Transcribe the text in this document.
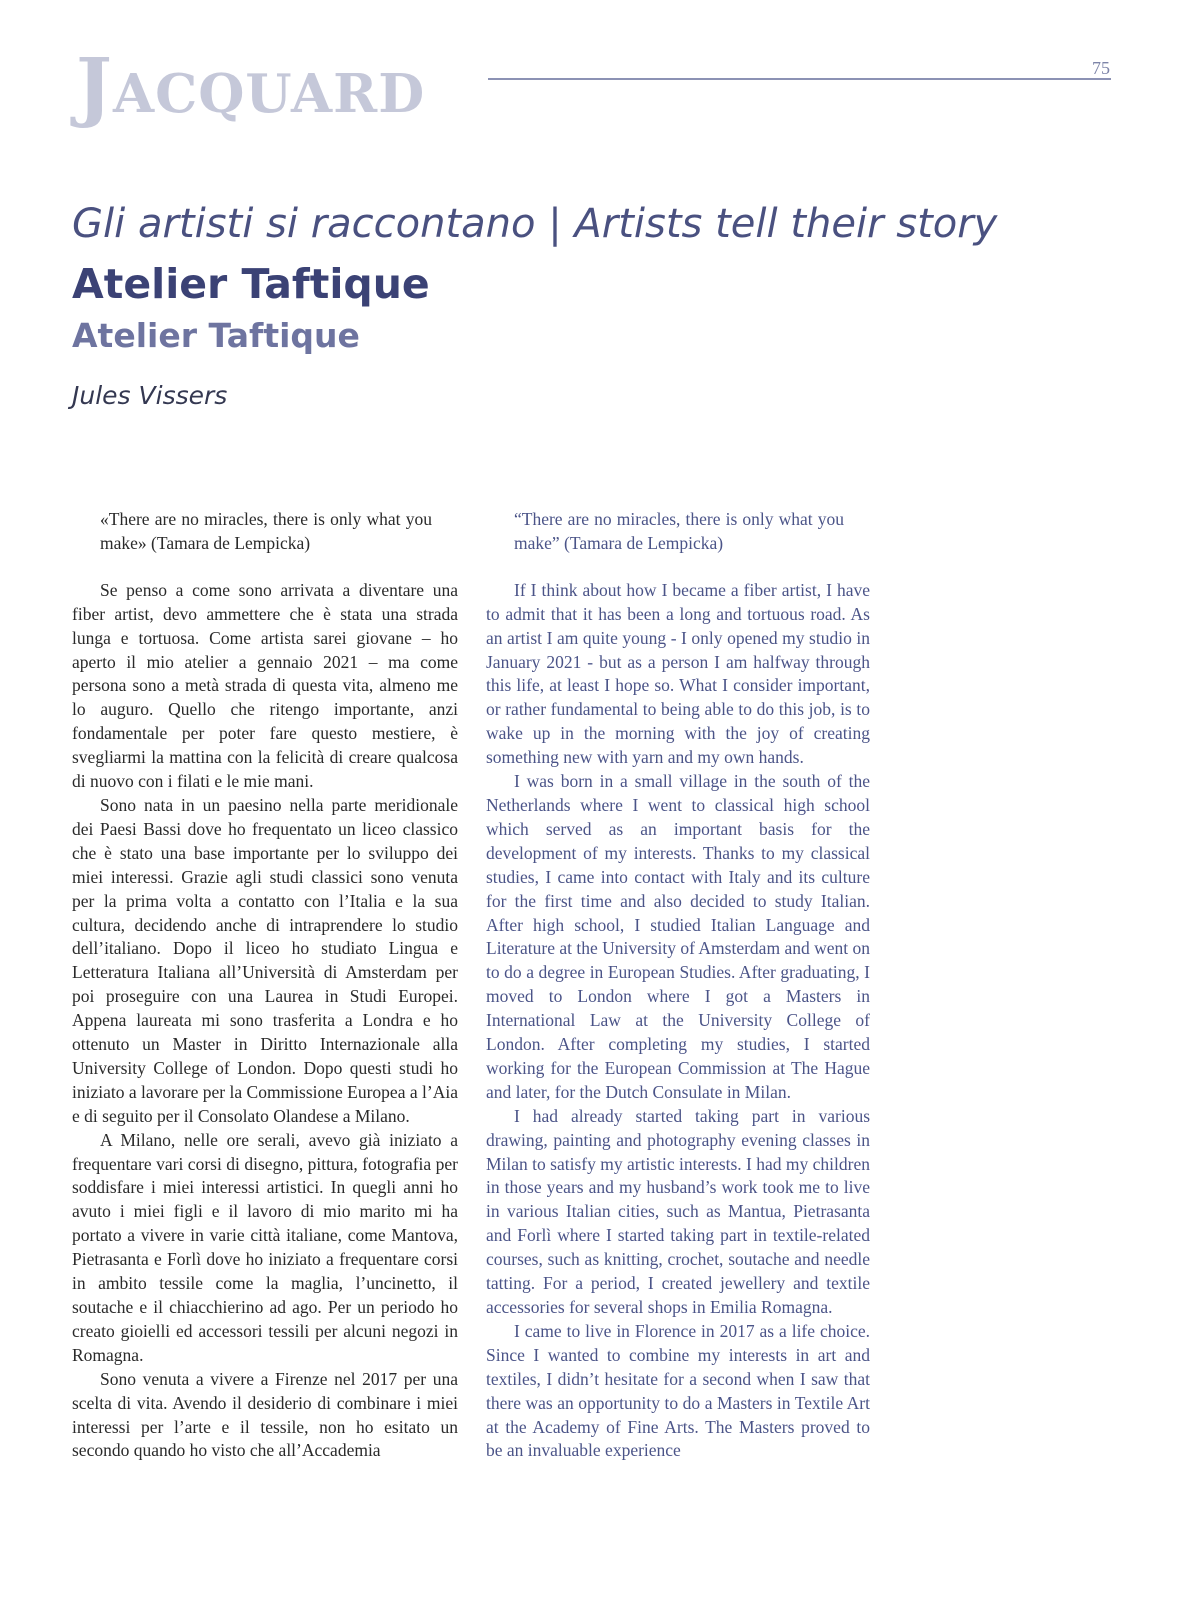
Jacquard	75
Gli artisti si raccontano | Artists tell their story
Atelier Taftique
Atelier Taftique

Jules Vissers

«There are no miracles, there is only what you make» (Tamara de Lempicka)

Se penso a come sono arrivata a diventare una fiber artist, devo ammettere che è stata una strada lunga e tortuosa. Come artista sarei giovane – ho aperto il mio atelier a gennaio 2021 – ma come persona sono a metà strada di questa vita, almeno me lo auguro. Quello che ritengo importante, anzi fondamentale per poter fare questo mestiere, è svegliarmi la mattina con la felicità di creare qualcosa di nuovo con i filati e le mie mani.

Sono nata in un paesino nella parte meridionale dei Paesi Bassi dove ho frequentato un liceo classico che è stato una base importante per lo sviluppo dei miei interessi. Grazie agli studi classici sono venuta per la prima volta a contatto con l’Italia e la sua cultura, decidendo anche di intraprendere lo studio dell’italiano. Dopo il liceo ho studiato Lingua e Letteratura Italiana all’Università di Amsterdam per poi proseguire con una Laurea in Studi Europei. Appena laureata mi sono trasferita a Londra e ho ottenuto un Master in Diritto Internazionale alla University College of London. Dopo questi studi ho iniziato a lavorare per la Commissione Europea a l’Aia e di seguito per il Consolato Olandese a Milano.

A Milano, nelle ore serali, avevo già iniziato a frequentare vari corsi di disegno, pittura, fotografia per soddisfare i miei interessi artistici. In quegli anni ho avuto i miei figli e il lavoro di mio marito mi ha portato a vivere in varie città italiane, come Mantova, Pietrasanta e Forlì dove ho iniziato a frequentare corsi in ambito tessile come la maglia, l’uncinetto, il soutache e il chiacchierino ad ago. Per un periodo ho creato gioielli ed accessori tessili per alcuni negozi in Romagna.

Sono venuta a vivere a Firenze nel 2017 per una scelta di vita. Avendo il desiderio di combinare i miei interessi per l’arte e il tessile, non ho esitato un secondo quando ho visto che all’Accademia

“There are no miracles, there is only what you make” (Tamara de Lempicka)

If I think about how I became a fiber artist, I have to admit that it has been a long and tortuous road. As an artist I am quite young - I only opened my studio in January 2021 - but as a person I am halfway through this life, at least I hope so. What I consider important, or rather fundamental to being able to do this job, is to wake up in the morning with the joy of creating something new with yarn and my own hands.

I was born in a small village in the south of the Netherlands where I went to classical high school which served as an important basis for the development of my interests. Thanks to my classical studies, I came into contact with Italy and its culture for the first time and also decided to study Italian. After high school, I studied Italian Language and Literature at the University of Amsterdam and went on to do a degree in European Studies. After graduating, I moved to London where I got a Masters in International Law at the University College of London. After completing my studies, I started working for the European Commission at The Hague and later, for the Dutch Consulate in Milan.

I had already started taking part in various drawing, painting and photography evening classes in Milan to satisfy my artistic interests. I had my children in those years and my husband’s work took me to live in various Italian cities, such as Mantua, Pietrasanta and Forlì where I started taking part in textile-related courses, such as knitting, crochet, soutache and needle tatting. For a period, I created jewellery and textile accessories for several shops in Emilia Romagna.

I came to live in Florence in 2017 as a life choice. Since I wanted to combine my interests in art and textiles, I didn’t hesitate for a second when I saw that there was an opportunity to do a Masters in Textile Art at the Academy of Fine Arts. The Masters proved to be an invaluable experience
